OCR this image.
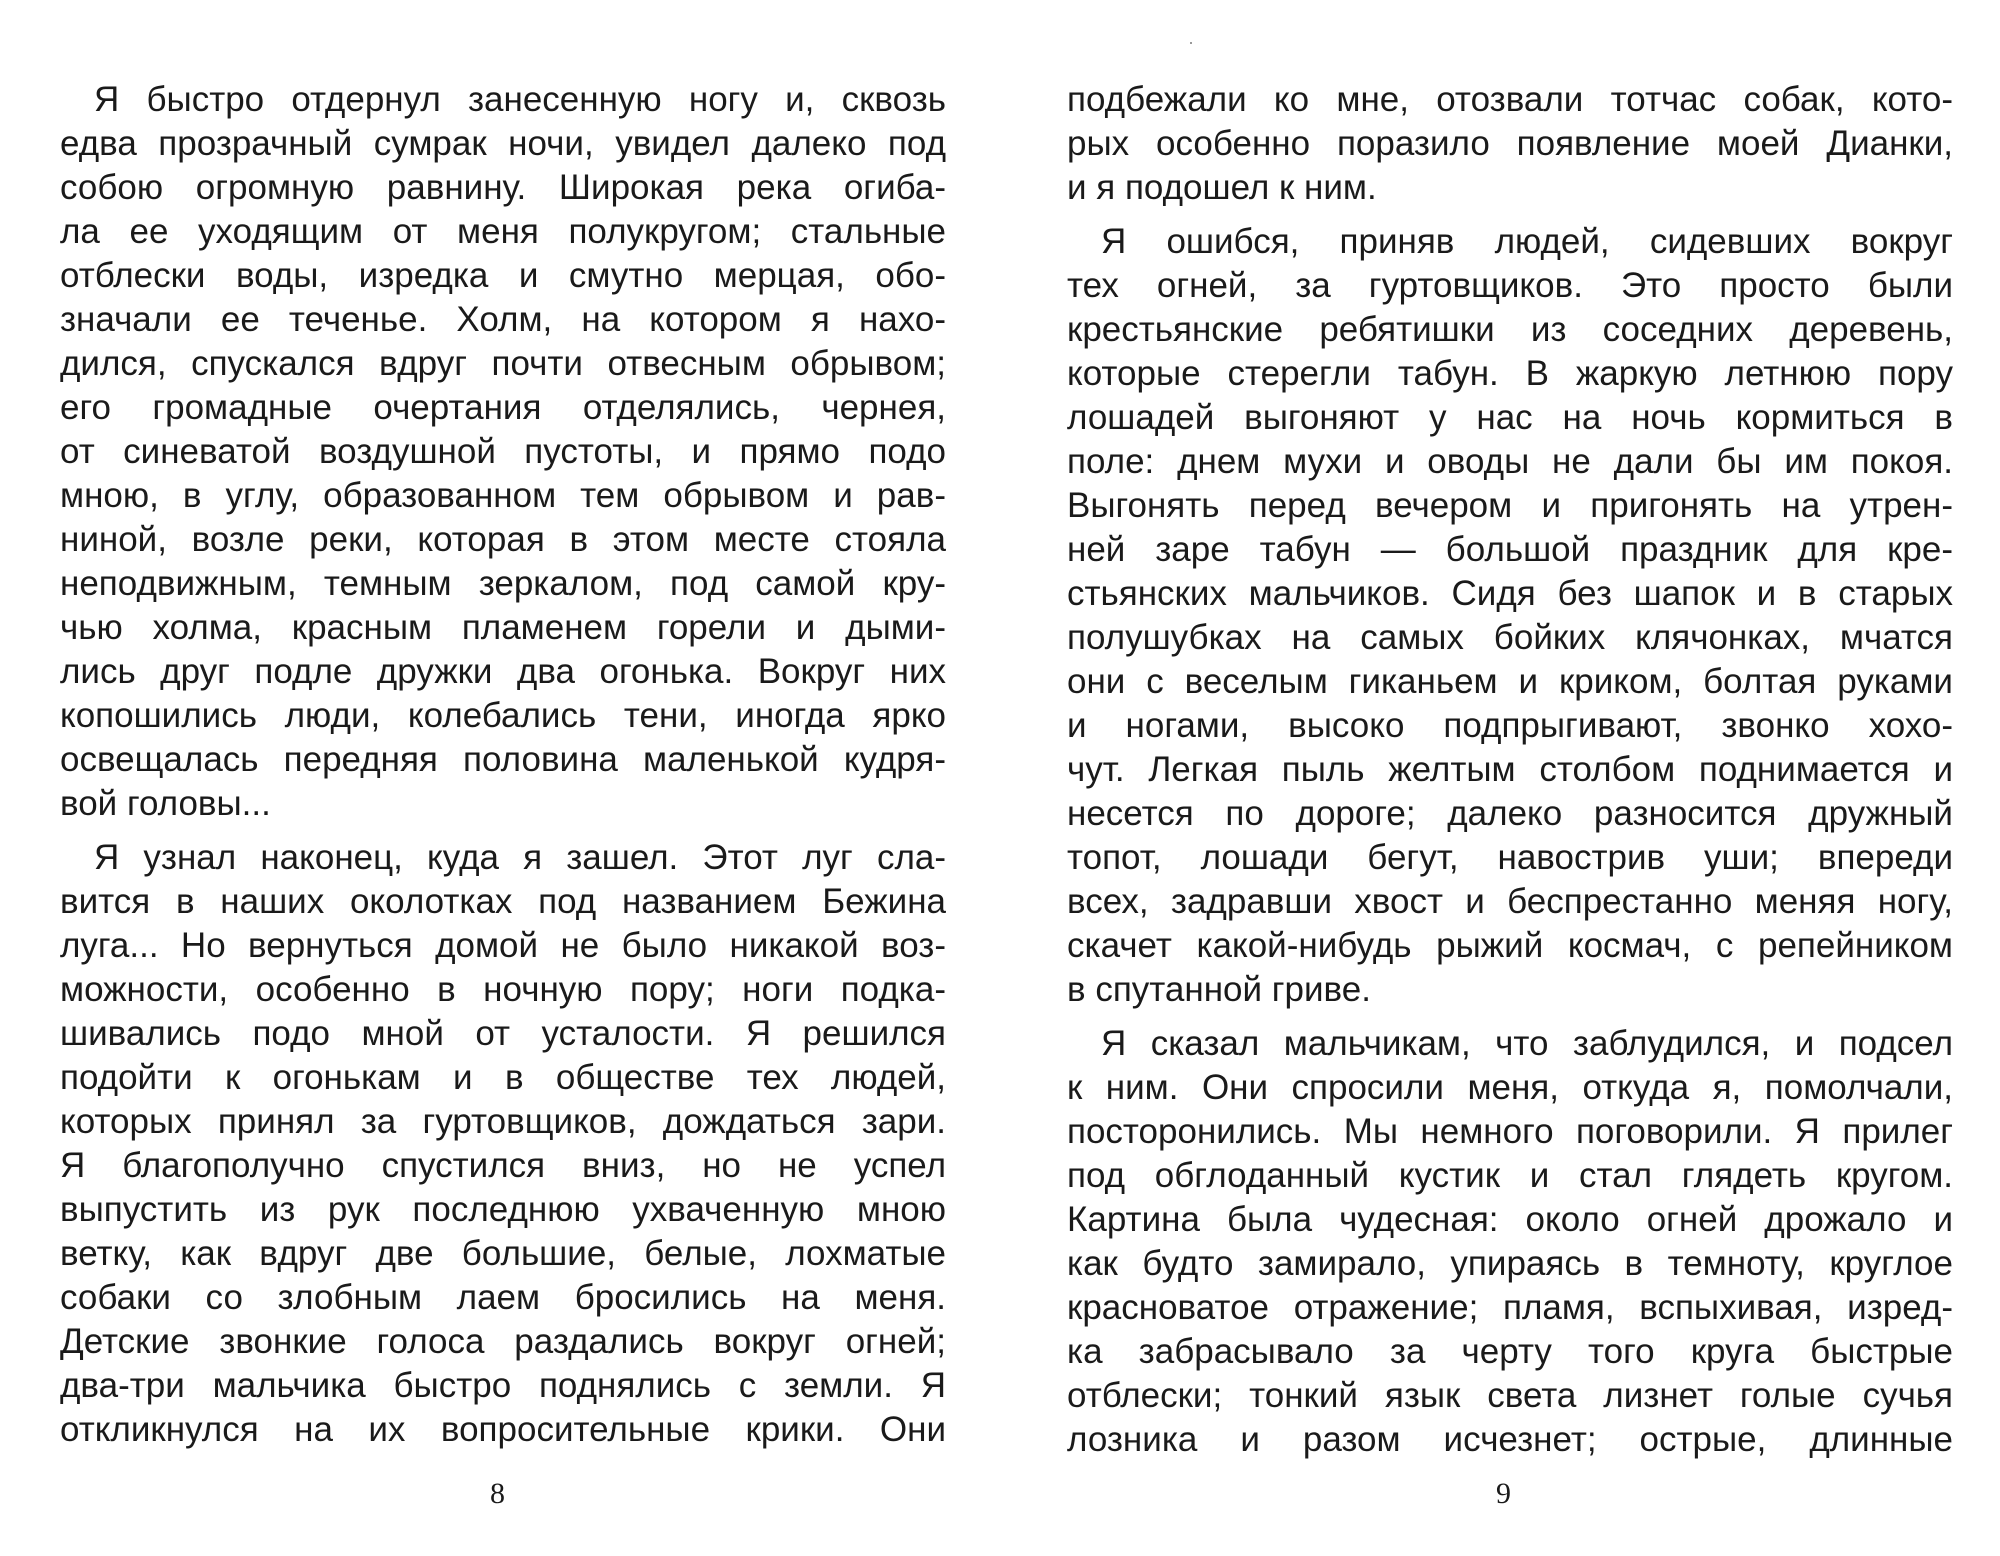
Я быстро отдернул занесенную ногу и, сквозь
едва прозрачный сумрак ночи, увидел далеко под
собою огромную равнину. Широкая река огиба-
ла ее уходящим от меня полукругом; стальные
отблески воды, изредка и смутно мерцая, обо-
значали ее теченье. Холм, на котором я нахо-
дился, спускался вдруг почти отвесным обрывом;
его громадные очертания отделялись, чернея,
от синеватой воздушной пустоты, и прямо подо
мною, в углу, образованном тем обрывом и рав-
ниной, возле реки, которая в этом месте стояла
неподвижным, темным зеркалом, под самой кру-
чью холма, красным пламенем горели и дыми-
лись друг подле дружки два огонька. Вокруг них
копошились люди, колебались тени, иногда ярко
освещалась передняя половина маленькой кудря-
вой головы...
Я узнал наконец, куда я зашел. Этот луг сла-
вится в наших околотках под названием Бежина
луга... Но вернуться домой не было никакой воз-
можности, особенно в ночную пору; ноги подка-
шивались подо мной от усталости. Я решился
подойти к огонькам и в обществе тех людей,
которых принял за гуртовщиков, дождаться зари.
Я благополучно спустился вниз, но не успел
выпустить из рук последнюю ухваченную мною
ветку, как вдруг две большие, белые, лохматые
собаки со злобным лаем бросились на меня.
Детские звонкие голоса раздались вокруг огней;
два-три мальчика быстро поднялись с земли. Я
откликнулся на их вопросительные крики. Они
подбежали ко мне, отозвали тотчас собак, кото-
рых особенно поразило появление моей Дианки,
и я подошел к ним.
Я ошибся, приняв людей, сидевших вокруг
тех огней, за гуртовщиков. Это просто были
крестьянские ребятишки из соседних деревень,
которые стерегли табун. В жаркую летнюю пору
лошадей выгоняют у нас на ночь кормиться в
поле: днем мухи и оводы не дали бы им покоя.
Выгонять перед вечером и пригонять на утрен-
ней заре табун — большой праздник для кре-
стьянских мальчиков. Сидя без шапок и в старых
полушубках на самых бойких клячонках, мчатся
они с веселым гиканьем и криком, болтая руками
и ногами, высоко подпрыгивают, звонко хохо-
чут. Легкая пыль желтым столбом поднимается и
несется по дороге; далеко разносится дружный
топот, лошади бегут, навострив уши; впереди
всех, задравши хвост и беспрестанно меняя ногу,
скачет какой-нибудь рыжий космач, с репейником
в спутанной гриве.
Я сказал мальчикам, что заблудился, и подсел
к ним. Они спросили меня, откуда я, помолчали,
посторонились. Мы немного поговорили. Я прилег
под обглоданный кустик и стал глядеть кругом.
Картина была чудесная: около огней дрожало и
как будто замирало, упираясь в темноту, круглое
красноватое отражение; пламя, вспыхивая, изред-
ка забрасывало за черту того круга быстрые
отблески; тонкий язык света лизнет голые сучья
лозника и разом исчезнет; острые, длинные
8	9
